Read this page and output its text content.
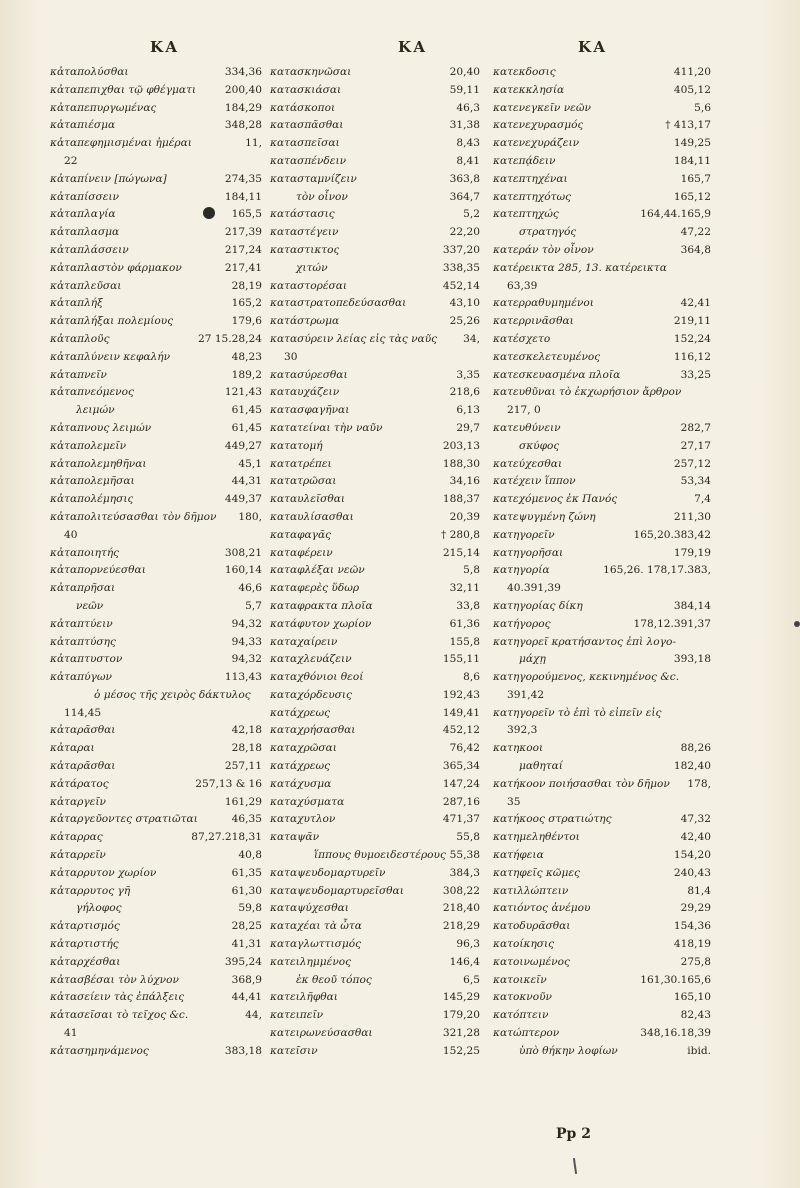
KA	KA	KA
κἀταπολύσθαι	334,36
κἀταπεπιχθαι τῷ φθέγματι	200,40
κἀταπεπυργωμένας	184,29
κἀταπιέσμα	348,28
κἀταπεφημισμέναι ἡμέραι	11,
22
κἀταπίνειν [πώγωνα]	274,35
κἀταπίσσειν	184,11
κἀταπλαγία	165,5
κἀταπλασμα	217,39
κἀταπλάσσειν	217,24
κἀταπλαστὸν φάρμακον	217,41
κἀταπλεῦσαι	28,19
κἀταπλήξ	165,2
κἀταπλήξαι πολεμίους	179,6
κἀταπλοῦς	27 15.28,24
κἀταπλύνειν κεφαλήν	48,23
κἀταπνεῖν	189,2
κἀταπνεόμενος	121,43
λειμών	61,45
κἀταπνους λειμών	61,45
κἀταπολεμεῖν	449,27
κἀταπολεμηθῆναι	45,1
κἀταπολεμῆσαι	44,31
κἀταπολέμησις	449,37
κἀταπολιτεύσασθαι τὸν δῆμον	180,
40
κἀταποιητής	308,21
κἀταπορνεύεσθαι	160,14
κἀταπρῆσαι	46,6
νεῶν	5,7
κἀταπτύειν	94,32
κἀταπτύσης	94,33
κἀταπτυστον	94,32
κἀταπύγων	113,43
ὁ μέσος τῆς χειρὸς δάκτυλος
114,45
κἀταρᾶσθαι	42,18
κἀταραι	28,18
κἀταρᾶσθαι	257,11
κἀτάρατος	257,13 & 16
κἀταργεῖν	161,29
κἀταργεῦοντες στρατιῶται	46,35
κἀταρρας	87,27.218,31
κἀταρρεῖν	40,8
κἀταρρυτον χωρίον	61,35
κἀταρρυτος γῆ	61,30
γήλοφος	59,8
κἀταρτισμός	28,25
κἀταρτιστής	41,31
κἀταρχέσθαι	395,24
κἀτασβέσαι τὸν λύχνον	368,9
κἀτασείειν τὰς ἐπάλξεις	44,41
κἀτασεῖσαι τὸ τεῖχος &c.	44,
41
κἀτασημηνάμενος	383,18
κατασκηνῶσαι	20,40
κατασκιάσαι	59,11
κατάσκοποι	46,3
κατασπᾶσθαι	31,38
κατασπεῖσαι	8,43
κατασπένδειν	8,41
κατασταμνίζειν	363,8
τὸν οἶνον	364,7
κατάστασις	5,2
καταστέγειν	22,20
καταστικτος	337,20
χιτών	338,35
καταστορέσαι	452,14
καταστρατοπεδεύσασθαι	43,10
κατάστρωμα	25,26
κατασύρειν λείας εἰς τὰς ναῦς	34,
30
κατασύρεσθαι	3,35
καταυχάζειν	218,6
κατασφαγῆναι	6,13
κατατείναι τὴν ναῦν	29,7
κατατομή	203,13
κατατρέπει	188,30
κατατρῶσαι	34,16
καταυλεῖσθαι	188,37
καταυλίσασθαι	20,39
καταφαγᾶς	† 280,8
καταφέρειν	215,14
καταφλέξαι νεῶν	5,8
καταφερὲς ὕδωρ	32,11
καταφρακτα πλοῖα	33,8
κατάφυτον χωρίον	61,36
καταχαίρειν	155,8
καταχλευάζειν	155,11
καταχθόνιοι θεοί	8,6
καταχόρδευσις	192,43
κατάχρεως	149,41
καταχρήσασθαι	452,12
καταχρῶσαι	76,42
κατάχρεως	365,34
κατάχυσμα	147,24
καταχύσματα	287,16
καταχυτλον	471,37
καταψᾶν	55,8
ἵππους θυμοειδεστέρους 55,38
καταψευδομαρτυρεῖν	384,3
καταψευδομαρτυρεῖσθαι	308,22
καταψύχεσθαι	218,40
καταχέαι τὰ ὦτα	218,29
καταγλωττισμός	96,3
κατειλημμένος	146,4
ἐκ θεοῦ τόπος	6,5
κατειλῆφθαι	145,29
κατειπεῖν	179,20
κατειρωνεύσασθαι	321,28
κατεῖσιν	152,25
κατεκδοσις	411,20
κατεκκλησία	405,12
κατενεγκεῖν νεῶν	5,6
κατενεχυρασμός	† 413,17
κατενεχυράζειν	149,25
κατεπᾴδειν	184,11
κατεπτηχέναι	165,7
κατεπτηχότως	165,12
κατεπτηχώς	164,44.165,9
στρατηγός	47,22
κατεράν τὸν οἶνον	364,8
κατέρεικτα 285, 13. κατέρεικτα
63,39
κατερραθυμημένοι	42,41
κατερρινᾶσθαι	219,11
κατέσχετο	152,24
κατεσκελετευμένος	116,12
κατεσκευασμένα πλοῖα	33,25
κατευθῦναι τὸ ἐκχωρήσιον ἄρθρον
217, 0
κατευθύνειν	282,7
σκύφος	27,17
κατεύχεσθαι	257,12
κατέχειν ἵππον	53,34
κατεχόμενος ἐκ Πανός	7,4
κατεψυγμένη ζώνη	211,30
κατηγορεῖν	165,20.383,42
κατηγορῆσαι	179,19
κατηγορία	165,26. 178,17.383,
40.391,39
κατηγορίας δίκη	384,14
κατήγορος	178,12.391,37
κατηγορεῖ κρατήσαντος ἐπὶ λογο-
μάχῃ	393,18
κατηγορούμενος, κεκινημένος &c.
391,42
κατηγορεῖν τὸ ἐπὶ τὸ εἰπεῖν εἰς
392,3
κατηκοοι	88,26
μαθηταί	182,40
κατήκοον ποιήσασθαι τὸν δῆμον	178,
35
κατήκοος στρατιώτης	47,32
κατημεληθέντοι	42,40
κατήφεια	154,20
κατηφεῖς κῶμες	240,43
κατιλλώπτειν	81,4
κατιόντος ἀνέμου	29,29
κατοδυρᾶσθαι	154,36
κατοίκησις	418,19
κατοινωμένος	275,8
κατοικεῖν	161,30.165,6
κατοκνοῦν	165,10
κατόπτειν	82,43
κατώπτερον	348,16.18,39
ὑπὸ θήκην λοφίων	ibid.
Pp 2
